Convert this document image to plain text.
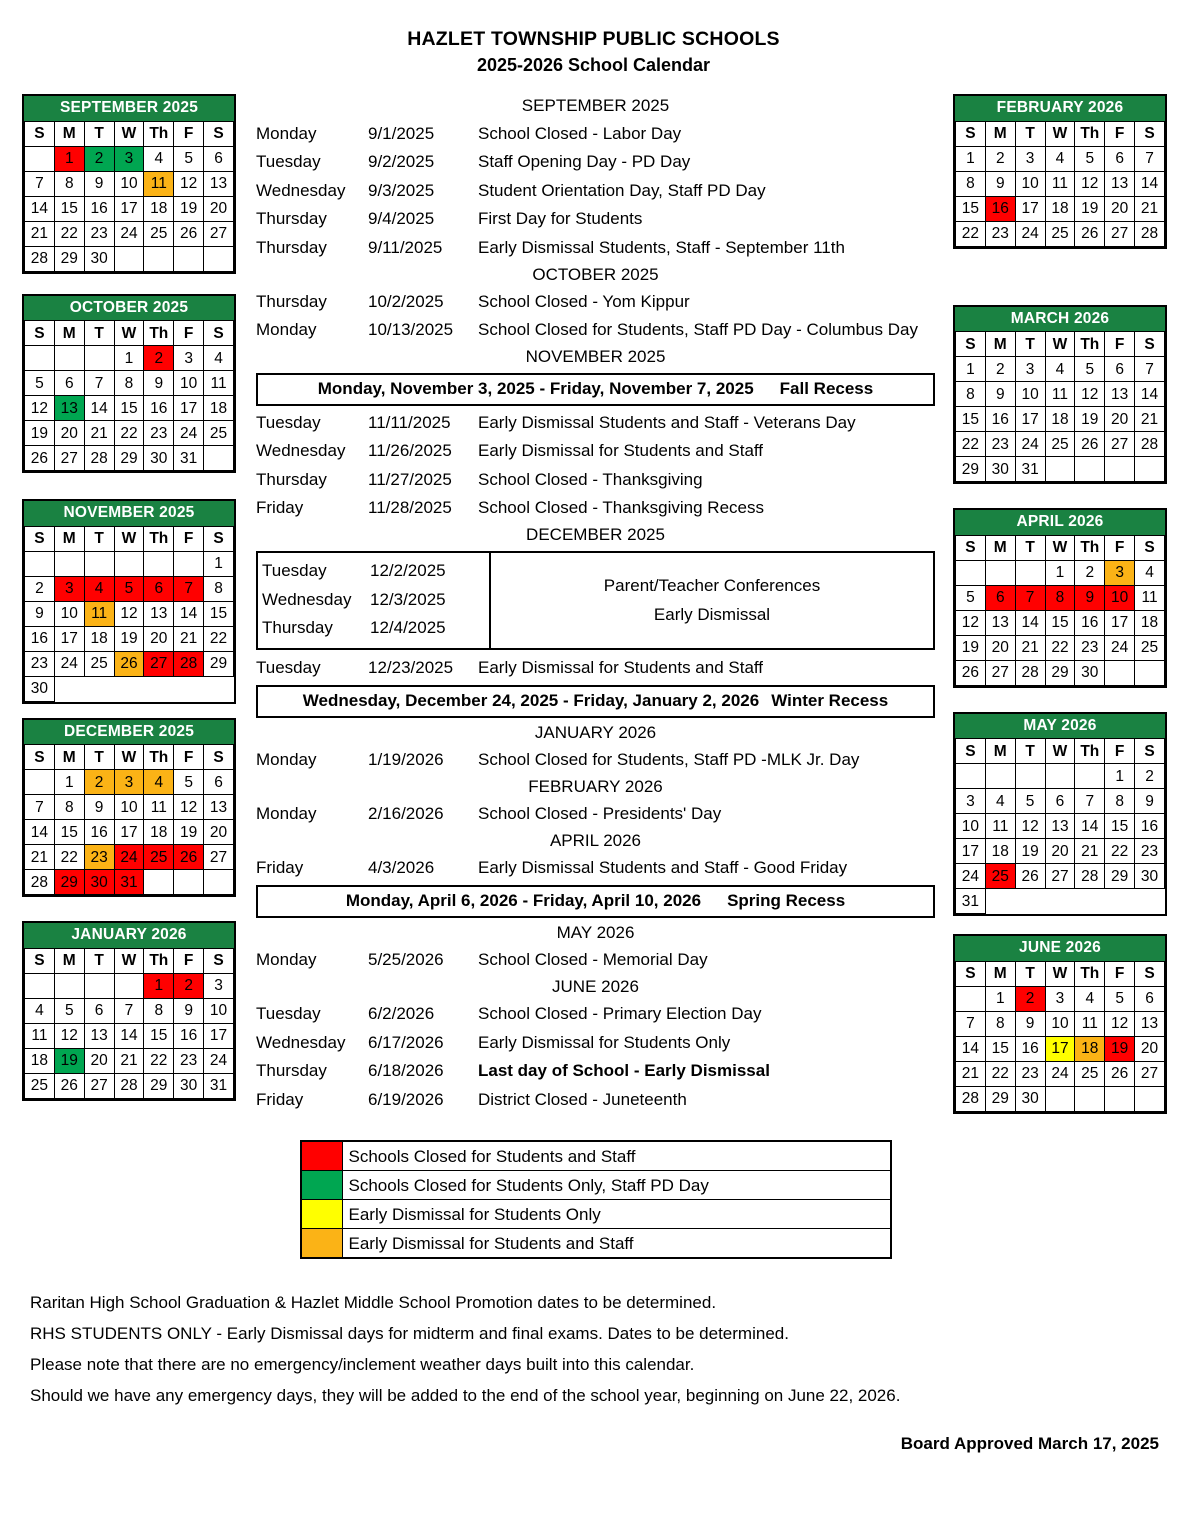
HAZLET TOWNSHIP PUBLIC SCHOOLS
2025-2026 School Calendar
SEPTEMBER 2025
S	M	T	W	Th	F	S
	1	2	3	4	5	6
7	8	9	10	11	12	13
14	15	16	17	18	19	20
21	22	23	24	25	26	27
28	29	30				
OCTOBER 2025
S	M	T	W	Th	F	S
			1	2	3	4
5	6	7	8	9	10	11
12	13	14	15	16	17	18
19	20	21	22	23	24	25
26	27	28	29	30	31	
NOVEMBER 2025
S	M	T	W	Th	F	S
						1
2	3	4	5	6	7	8
9	10	11	12	13	14	15
16	17	18	19	20	21	22
23	24	25	26	27	28	29
30						
DECEMBER 2025
S	M	T	W	Th	F	S
	1	2	3	4	5	6
7	8	9	10	11	12	13
14	15	16	17	18	19	20
21	22	23	24	25	26	27
28	29	30	31			
JANUARY 2026
S	M	T	W	Th	F	S
				1	2	3
4	5	6	7	8	9	10
11	12	13	14	15	16	17
18	19	20	21	22	23	24
25	26	27	28	29	30	31
SEPTEMBER 2025
Monday	9/1/2025	School Closed - Labor Day
Tuesday	9/2/2025	Staff Opening Day - PD Day
Wednesday	9/3/2025	Student Orientation Day, Staff PD Day
Thursday	9/4/2025	First Day for Students
Thursday	9/11/2025	Early Dismissal Students, Staff - September 11th
OCTOBER 2025
Thursday	10/2/2025	School Closed - Yom Kippur
Monday	10/13/2025	School Closed for Students, Staff PD Day - Columbus Day
NOVEMBER 2025
Monday, November 3, 2025 - Friday, November 7, 2025 Fall Recess
Tuesday	11/11/2025	Early Dismissal Students and Staff - Veterans Day
Wednesday	11/26/2025	Early Dismissal for Students and Staff
Thursday	11/27/2025	School Closed - Thanksgiving
Friday	11/28/2025	School Closed - Thanksgiving Recess
DECEMBER 2025
Tuesday	12/2/2025
Wednesday	12/3/2025
Thursday	12/4/2025
Parent/Teacher Conferences
Early Dismissal
Tuesday	12/23/2025	Early Dismissal for Students and Staff
Wednesday, December 24, 2025 - Friday, January 2, 2026 Winter Recess
JANUARY 2026
Monday	1/19/2026	School Closed for Students, Staff PD -MLK Jr. Day
FEBRUARY 2026
Monday	2/16/2026	School Closed - Presidents' Day
APRIL 2026
Friday	4/3/2026	Early Dismissal Students and Staff - Good Friday
Monday, April 6, 2026 - Friday, April 10, 2026 Spring Recess
MAY 2026
Monday	5/25/2026	School Closed - Memorial Day
JUNE 2026
Tuesday	6/2/2026	School Closed - Primary Election Day
Wednesday	6/17/2026	Early Dismissal for Students Only
Thursday	6/18/2026	Last day of School - Early Dismissal
Friday	6/19/2026	District Closed - Juneteenth
Schools Closed for Students and Staff
Schools Closed for Students Only, Staff PD Day
Early Dismissal for Students Only
Early Dismissal for Students and Staff
FEBRUARY 2026
S	M	T	W	Th	F	S
1	2	3	4	5	6	7
8	9	10	11	12	13	14
15	16	17	18	19	20	21
22	23	24	25	26	27	28
MARCH 2026
S	M	T	W	Th	F	S
1	2	3	4	5	6	7
8	9	10	11	12	13	14
15	16	17	18	19	20	21
22	23	24	25	26	27	28
29	30	31				
APRIL 2026
S	M	T	W	Th	F	S
			1	2	3	4
5	6	7	8	9	10	11
12	13	14	15	16	17	18
19	20	21	22	23	24	25
26	27	28	29	30		
MAY 2026
S	M	T	W	Th	F	S
					1	2
3	4	5	6	7	8	9
10	11	12	13	14	15	16
17	18	19	20	21	22	23
24	25	26	27	28	29	30
31						
JUNE 2026
S	M	T	W	Th	F	S
	1	2	3	4	5	6
7	8	9	10	11	12	13
14	15	16	17	18	19	20
21	22	23	24	25	26	27
28	29	30				
Raritan High School Graduation & Hazlet Middle School Promotion dates to be determined.
RHS STUDENTS ONLY - Early Dismissal days for midterm and final exams. Dates to be determined.
Please note that there are no emergency/inclement weather days built into this calendar.
Should we have any emergency days, they will be added to the end of the school year, beginning on June 22, 2026.
Board Approved March 17, 2025
